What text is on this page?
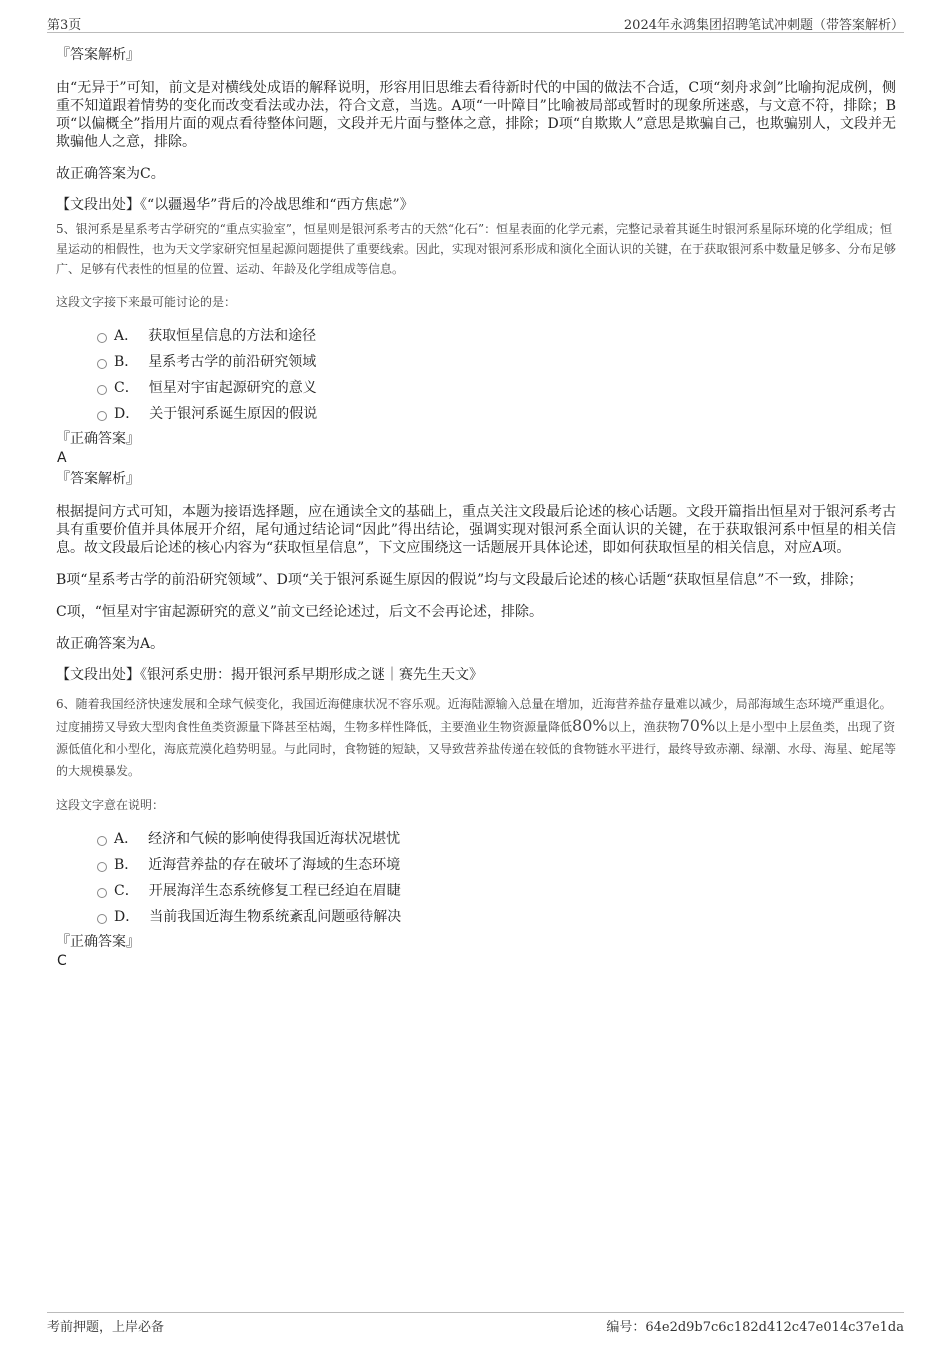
第3页	2024年永鸿集团招聘笔试冲刺题（带答案解析）

『答案解析』

由“无异于”可知，前文是对横线处成语的解释说明，形容用旧思维去看待新时代的中国的做法不合适，C项“刻舟求剑”比喻拘泥成例，侧重不知道跟着情势的变化而改变看法或办法，符合文意，当选。A项“一叶障目”比喻被局部或暂时的现象所迷惑，与文意不符，排除；B项“以偏概全”指用片面的观点看待整体问题，文段并无片面与整体之意，排除；D项“自欺欺人”意思是欺骗自己，也欺骗别人，文段并无欺骗他人之意，排除。

故正确答案为C。

【文段出处】《“以疆遏华”背后的冷战思维和“西方焦虑”》

5、银河系是星系考古学研究的“重点实验室”，恒星则是银河系考古的天然“化石”：恒星表面的化学元素，完整记录着其诞生时银河系星际环境的化学组成；恒星运动的相假性，也为天文学家研究恒星起源问题提供了重要线索。因此，实现对银河系形成和演化全面认识的关键，在于获取银河系中数量足够多、分布足够广、足够有代表性的恒星的位置、运动、年龄及化学组成等信息。

这段文字接下来最可能讨论的是：

A． 获取恒星信息的方法和途径
B． 星系考古学的前沿研究领域
C． 恒星对宇宙起源研究的意义
D． 关于银河系诞生原因的假说

『正确答案』

A

『答案解析』

根据提问方式可知，本题为接语选择题，应在通读全文的基础上，重点关注文段最后论述的核心话题。文段开篇指出恒星对于银河系考古具有重要价值并具体展开介绍，尾句通过结论词“因此”得出结论，强调实现对银河系全面认识的关键，在于获取银河系中恒星的相关信息。故文段最后论述的核心内容为“获取恒星信息”，下文应围绕这一话题展开具体论述，即如何获取恒星的相关信息，对应A项。

B项“星系考古学的前沿研究领域”、D项“关于银河系诞生原因的假说”均与文段最后论述的核心话题“获取恒星信息”不一致，排除；

C项，“恒星对宇宙起源研究的意义”前文已经论述过，后文不会再论述，排除。

故正确答案为A。

【文段出处】《银河系史册：揭开银河系早期形成之谜｜赛先生天文》

6、随着我国经济快速发展和全球气候变化，我国近海健康状况不容乐观。近海陆源输入总量在增加，近海营养盐存量难以减少，局部海域生态环境严重退化。过度捕捞又导致大型肉食性鱼类资源量下降甚至枯竭，生物多样性降低，主要渔业生物资源量降低80%以上，渔获物70%以上是小型中上层鱼类，出现了资源低值化和小型化，海底荒漠化趋势明显。与此同时，食物链的短缺，又导致营养盐传递在较低的食物链水平进行，最终导致赤潮、绿潮、水母、海星、蛇尾等的大规模暴发。

这段文字意在说明：

A． 经济和气候的影响使得我国近海状况堪忧
B． 近海营养盐的存在破坏了海域的生态环境
C． 开展海洋生态系统修复工程已经迫在眉睫
D． 当前我国近海生物系统紊乱问题亟待解决

『正确答案』

C

考前押题，上岸必备	编号：64e2d9b7c6c182d412c47e014c37e1da
